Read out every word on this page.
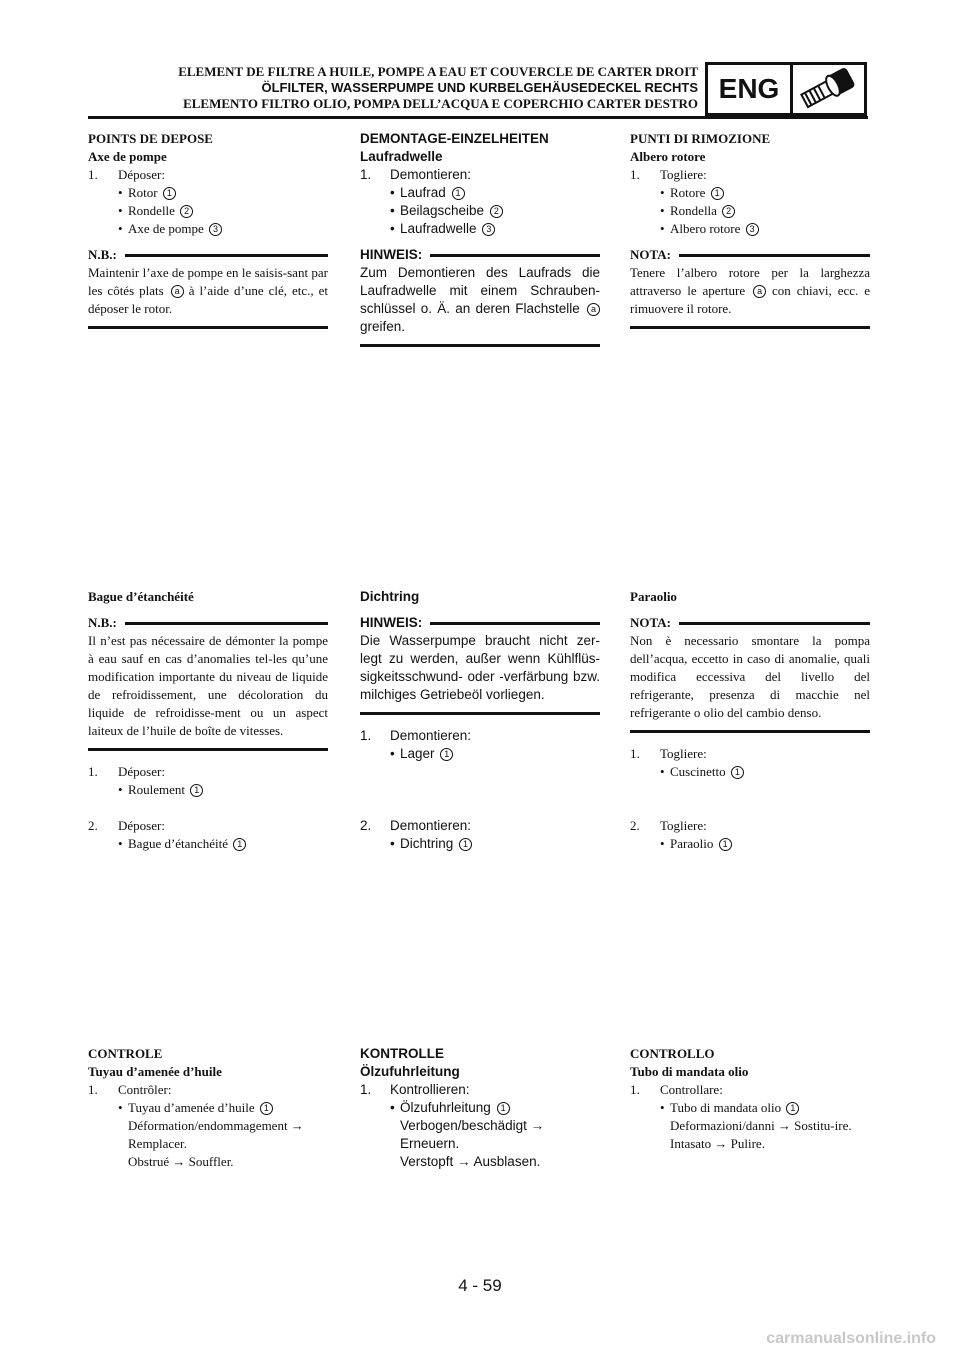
ELEMENT DE FILTRE A HUILE, POMPE A EAU ET COUVERCLE DE CARTER DROIT
ÖLFILTER, WASSERPUMPE UND KURBELGEHÄUSEDECKEL RECHTS
ELEMENTO FILTRO OLIO, POMPA DELL’ACQUA E COPERCHIO CARTER DESTRO ENG
POINTS DE DEPOSE
Axe de pompe
1. Déposer:
• Rotor 1
• Rondelle 2
• Axe de pompe 3
N.B.:
Maintenir l’axe de pompe en le saisis-sant par les côtés plats a à l’aide d’une clé, etc., et déposer le rotor.
DEMONTAGE-EINZELHEITEN
Laufradwelle
1. Demontieren:
• Laufrad 1
• Beilagscheibe 2
• Laufradwelle 3
HINWEIS:
Zum Demontieren des Laufrads die Laufradwelle mit einem Schrauben-schlüssel o. Ä. an deren Flachstelle a greifen.
PUNTI DI RIMOZIONE
Albero rotore
1. Togliere:
• Rotore 1
• Rondella 2
• Albero rotore 3
NOTA:
Tenere l’albero rotore per la larghezza attraverso le aperture a con chiavi, ecc. e rimuovere il rotore.
Bague d’étanchéité
N.B.:
Il n’est pas nécessaire de démonter la pompe à eau sauf en cas d’anomalies tel-les qu’une modification importante du niveau de liquide de refroidissement, une décoloration du liquide de refroidisse-ment ou un aspect laiteux de l’huile de boîte de vitesses.
1. Déposer:
• Roulement 1
2. Déposer:
• Bague d’étanchéité 1
Dichtring
HINWEIS:
Die Wasserpumpe braucht nicht zer-legt zu werden, außer wenn Kühlflüs-sigkeitsschwund- oder -verfärbung bzw. milchiges Getriebeöl vorliegen.
1. Demontieren:
• Lager 1
2. Demontieren:
• Dichtring 1
Paraolio
NOTA:
Non è necessario smontare la pompa dell’acqua, eccetto in caso di anomalie, quali modifica eccessiva del livello del refrigerante, presenza di macchie nel refrigerante o olio del cambio denso.
1. Togliere:
• Cuscinetto 1
2. Togliere:
• Paraolio 1
CONTROLE
Tuyau d’amenée d’huile
1. Contrôler:
• Tuyau d’amenée d’huile 1
Déformation/endommagement → Remplacer.
Obstrué → Souffler.
KONTROLLE
Ölzufuhrleitung
1. Kontrollieren:
• Ölzufuhrleitung 1
Verbogen/beschädigt → Erneuern.
Verstopft → Ausblasen.
CONTROLLO
Tubo di mandata olio
1. Controllare:
• Tubo di mandata olio 1
Deformazioni/danni → Sostitu-ire.
Intasato → Pulire.
4 - 59
carmanualsonline.info
